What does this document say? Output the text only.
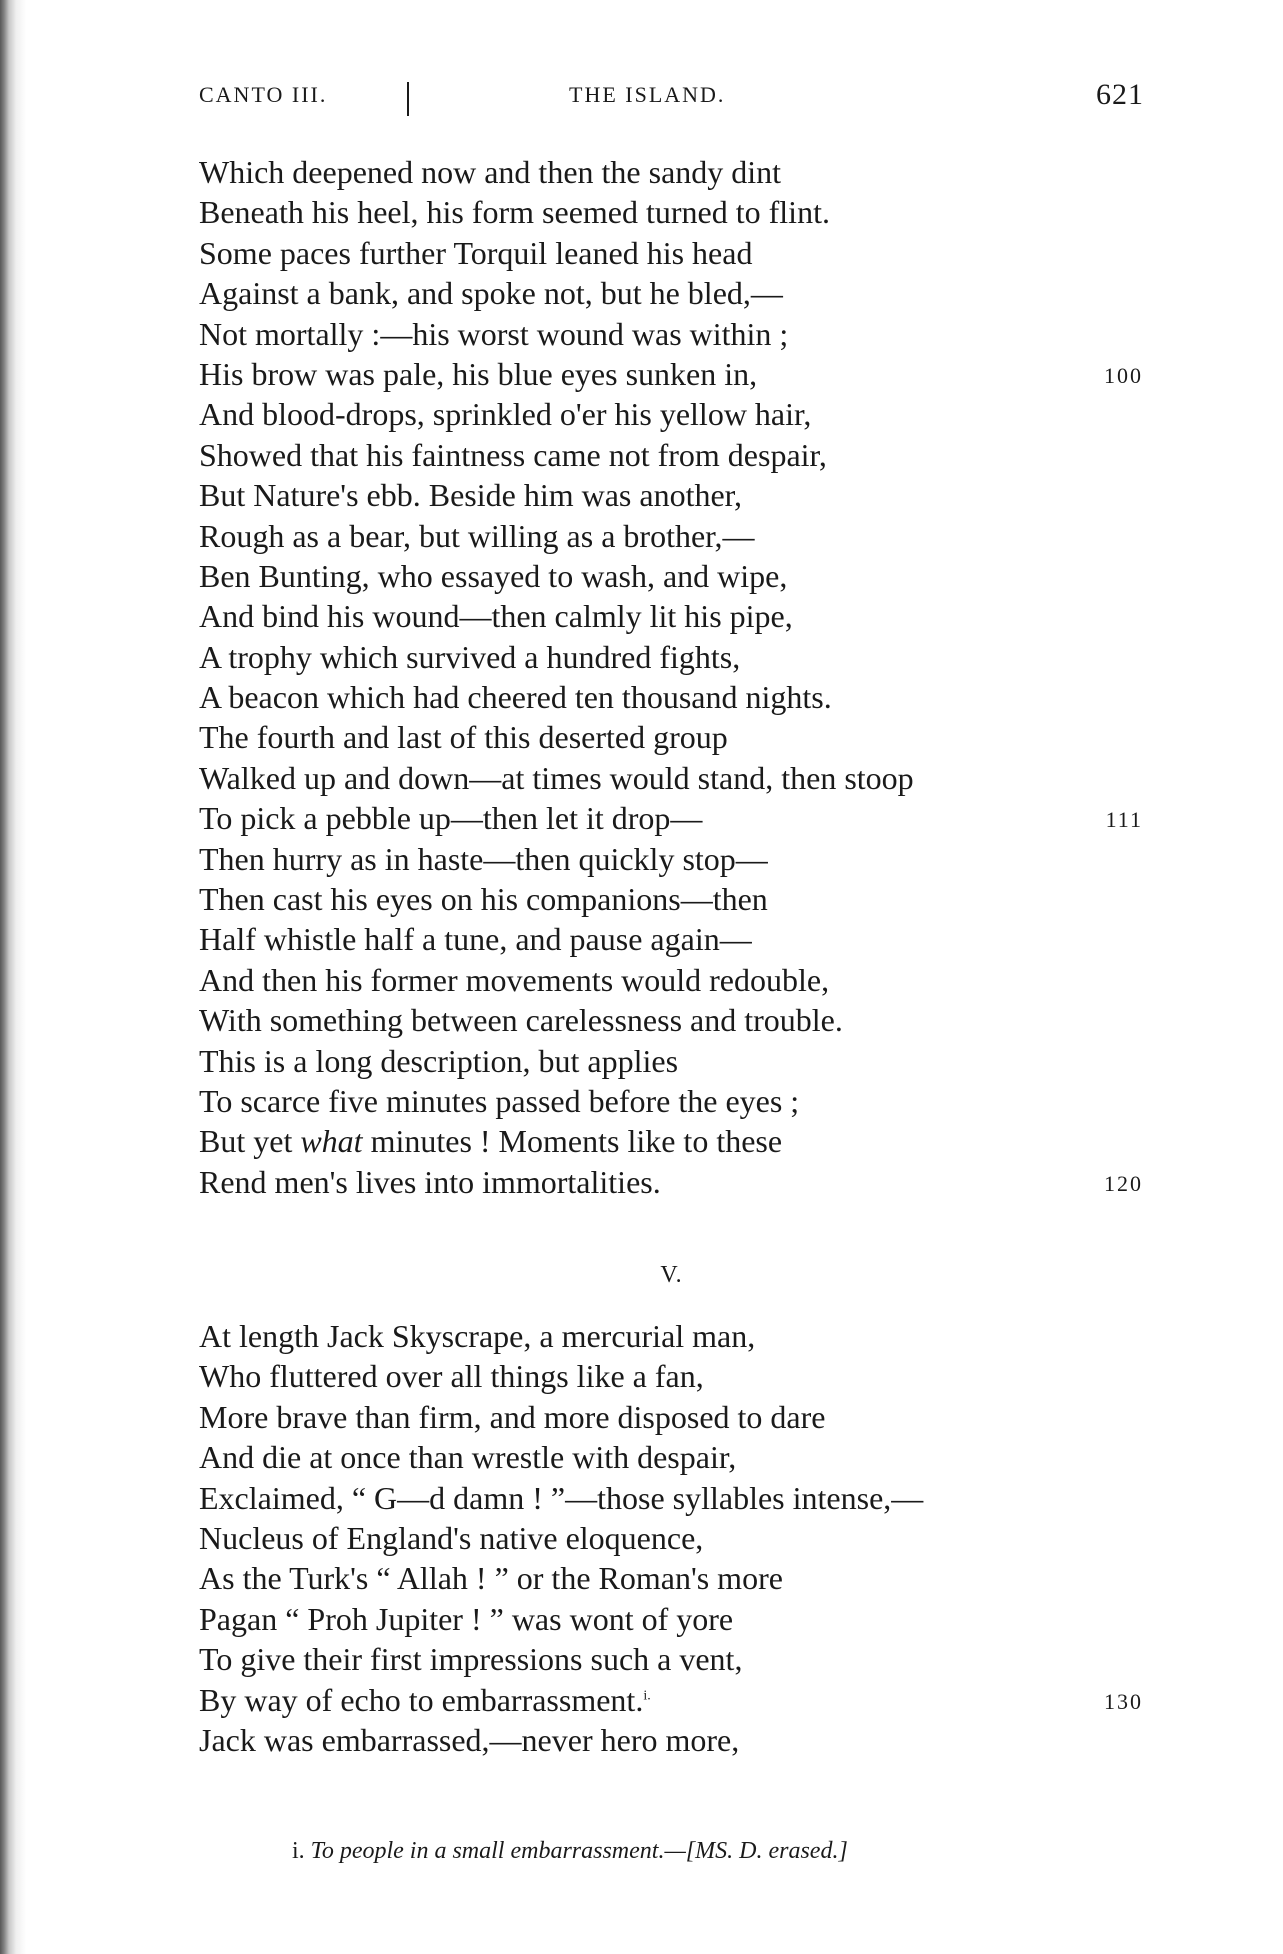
CANTO III.	THE ISLAND.	621
Which deepened now and then the sandy dint
Beneath his heel, his form seemed turned to flint.
Some paces further Torquil leaned his head
Against a bank, and spoke not, but he bled,—
Not mortally :—his worst wound was within ;
His brow was pale, his blue eyes sunken in,	100
And blood-drops, sprinkled o'er his yellow hair,
Showed that his faintness came not from despair,
But Nature's ebb. Beside him was another,
Rough as a bear, but willing as a brother,—
Ben Bunting, who essayed to wash, and wipe,
And bind his wound—then calmly lit his pipe,
A trophy which survived a hundred fights,
A beacon which had cheered ten thousand nights.
The fourth and last of this deserted group
Walked up and down—at times would stand, then stoop
To pick a pebble up—then let it drop—	111
Then hurry as in haste—then quickly stop—
Then cast his eyes on his companions—then
Half whistle half a tune, and pause again—
And then his former movements would redouble,
With something between carelessness and trouble.
This is a long description, but applies
To scarce five minutes passed before the eyes ;
But yet what minutes ! Moments like to these
Rend men's lives into immortalities.	120
V.
At length Jack Skyscrape, a mercurial man,
Who fluttered over all things like a fan,
More brave than firm, and more disposed to dare
And die at once than wrestle with despair,
Exclaimed, “ G—d damn ! ”—those syllables intense,—
Nucleus of England's native eloquence,
As the Turk's “ Allah ! ” or the Roman's more
Pagan “ Proh Jupiter ! ” was wont of yore
To give their first impressions such a vent,
By way of echo to embarrassment.$^{i.}$	130
Jack was embarrassed,—never hero more,
i. To people in a small embarrassment.—[MS. D. erased.]
